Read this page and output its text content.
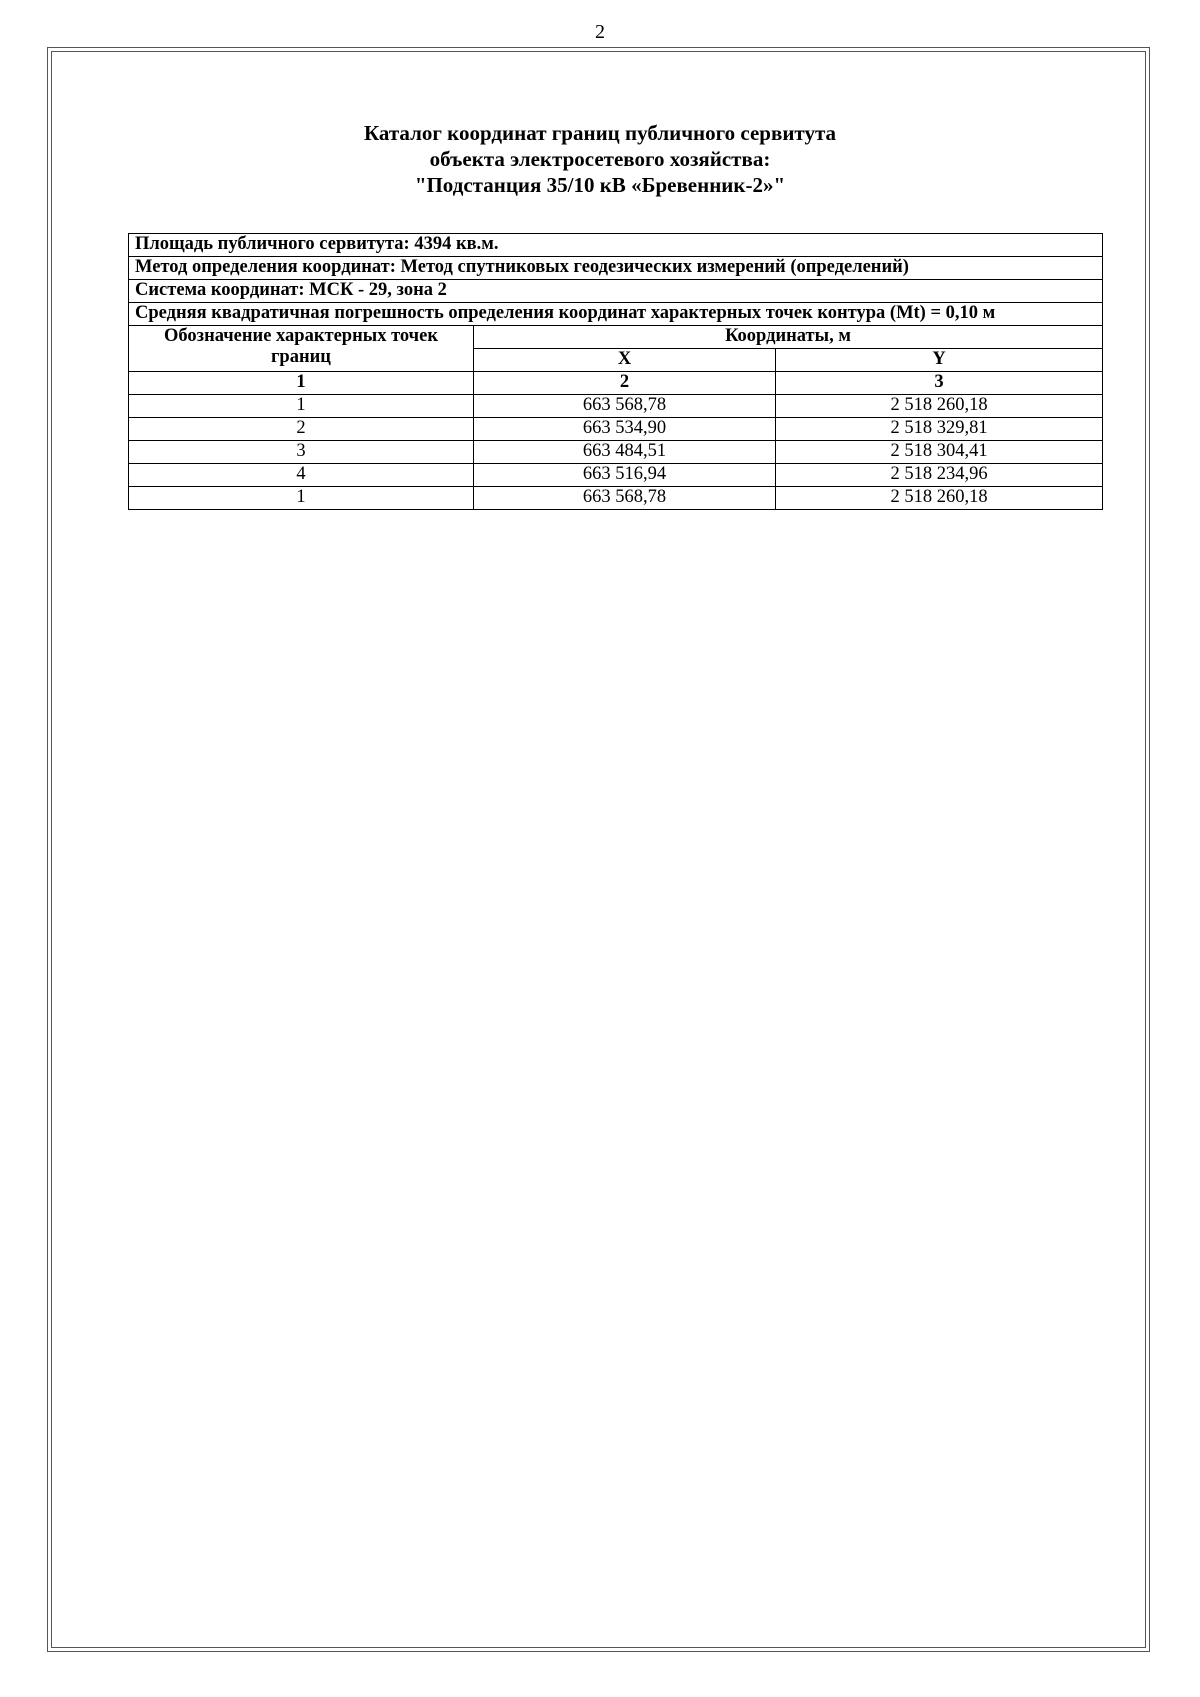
2
Каталог координат границ публичного сервитута
объекта электросетевого хозяйства:
"Подстанция 35/10 кВ «Бревенник-2»"
Площадь публичного сервитута: 4394 кв.м.		
Метод определения координат: Метод спутниковых геодезических измерений (определений)		
Система координат: МСК - 29, зона 2		
Средняя квадратичная погрешность определения координат характерных точек контура (Mt) = 0,10 м		
Обозначение характерных точек границ	Координаты, м	
	X	Y
1	2	3
1	663 568,78	2 518 260,18
2	663 534,90	2 518 329,81
3	663 484,51	2 518 304,41
4	663 516,94	2 518 234,96
1	663 568,78	2 518 260,18
